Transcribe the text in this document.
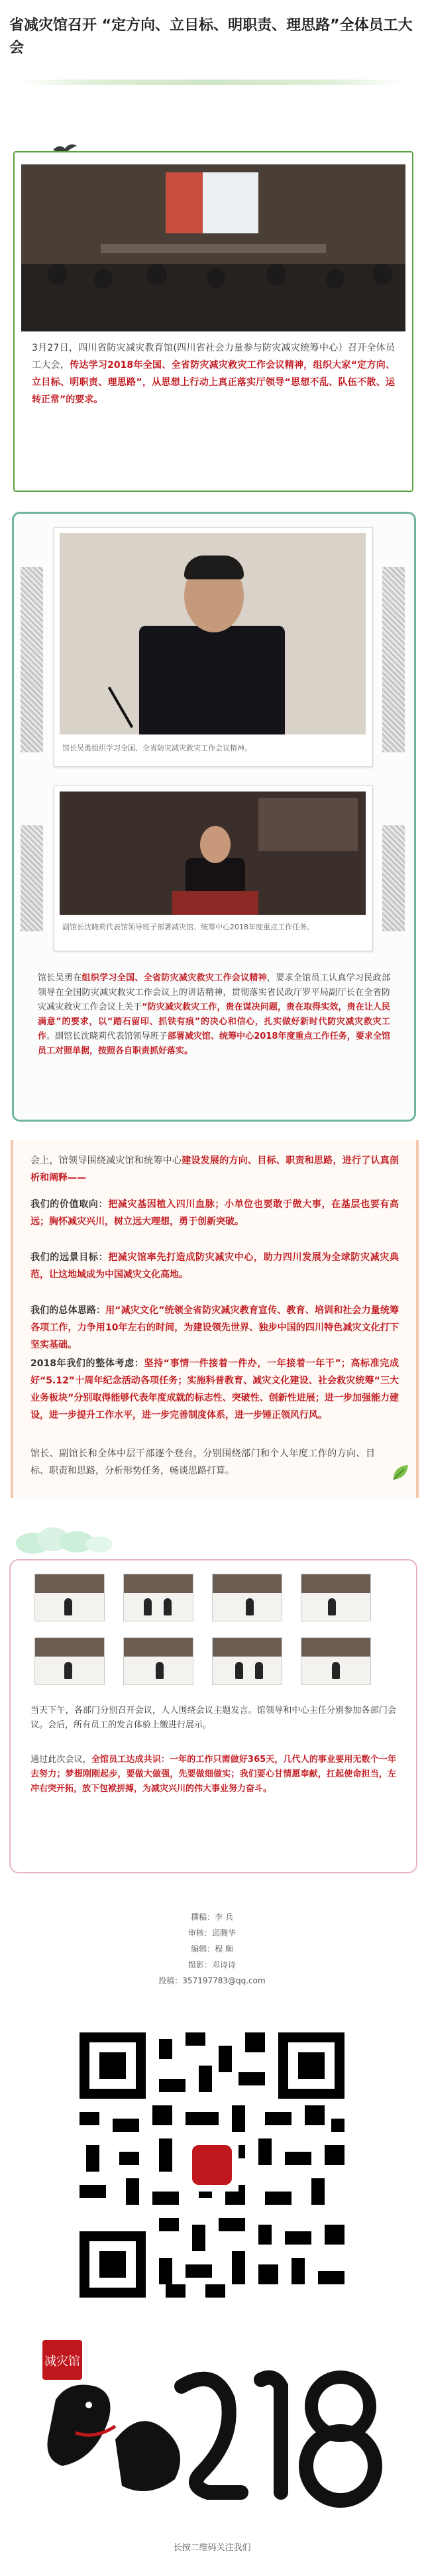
省减灾馆召开 “定方向、立目标、明职责、理思路”全体员工大会
3月27日，四川省防灾减灾教育馆(四川省社会力量参与防灾减灾统筹中心）召开全体员工大会，传达学习2018年全国、全省防灾减灾救灾工作会议精神，组织大家“定方向、立目标、明职责、理思路”，从思想上行动上真正落实厅领导“思想不乱、队伍不散、运转正常”的要求。
馆长吴勇组织学习全国、全省防灾减灾救灾工作会议精神。
副馆长沈晓莉代表馆领导班子部署减灾馆、统筹中心2018年度重点工作任务。
馆长吴勇在组织学习全国、全省防灾减灾救灾工作会议精神，要求全馆员工认真学习民政部领导在全国防灾减灾救灾工作会议上的讲话精神，贯彻落实省民政厅罗平局副厅长在全省防灾减灾救灾工作会议上关于“防灾减灾救灾工作，贵在谋决问题，贵在取得实效，贵在让人民满意”的要求，以“踏石留印、抓铁有痕”的决心和信心，扎实做好新时代防灾减灾救灾工作。副馆长沈晓莉代表馆领导班子部署减灾馆、统筹中心2018年度重点工作任务，要求全馆员工对照单据，按照各自职责抓好落实。
会上，馆领导围绕减灾馆和统筹中心建设发展的方向、目标、职责和思路，进行了认真剖析和阐释——
我们的价值取向：把减灾基因植入四川血脉；小单位也要敢于做大事，在基层也要有高远；胸怀减灾兴川，树立远大理想，勇于创新突破。
我们的远景目标：把减灾馆率先打造成防灾减灾中心，助力四川发展为全球防灾减灾典范，让这地域成为中国减灾文化高地。
我们的总体思路：用“减灾文化”统领全省防灾减灾教育宣传、教育、培训和社会力量统筹各项工作，力争用10年左右的时间，为建设领先世界、独步中国的四川特色减灾文化打下坚实基础。
2018年我们的整体考虑：坚持“事情一件接着一件办，一年接着一年干”；高标准完成好“5.12”十周年纪念活动各项任务；实施科普教育、减灾文化建设、社会救灾统筹“三大业务板块”分别取得能够代表年度成就的标志性、突破性、创新性进展；进一步加强能力建设，进一步提升工作水平，进一步完善制度体系，进一步锤正领风行风。
馆长、副馆长和全体中层干部逐个登台，分别围绕部门和个人年度工作的方向、目标、职责和思路，分析形势任务，畅谈思路打算。
当天下午，各部门分别召开会议，人人围绕会议主题发言。馆领导和中心主任分别参加各部门会议。会后，所有员工的发言体验上缴进行展示。
通过此次会议，全馆员工达成共识：一年的工作只需做好365天，几代人的事业要用无数个一年去努力；梦想刚刚起步，要做大做强，先要做细做实；我们要心甘情愿奉献，扛起使命担当，左冲右突开拓，放下包袱拼搏，为减灾兴川的伟大事业努力奋斗。
撰稿：李 兵
审核：邱腾华
编辑：程 顺
摄影：邓诗诗
投稿：357197783@qq.com
减灾馆
长按二维码关注我们
